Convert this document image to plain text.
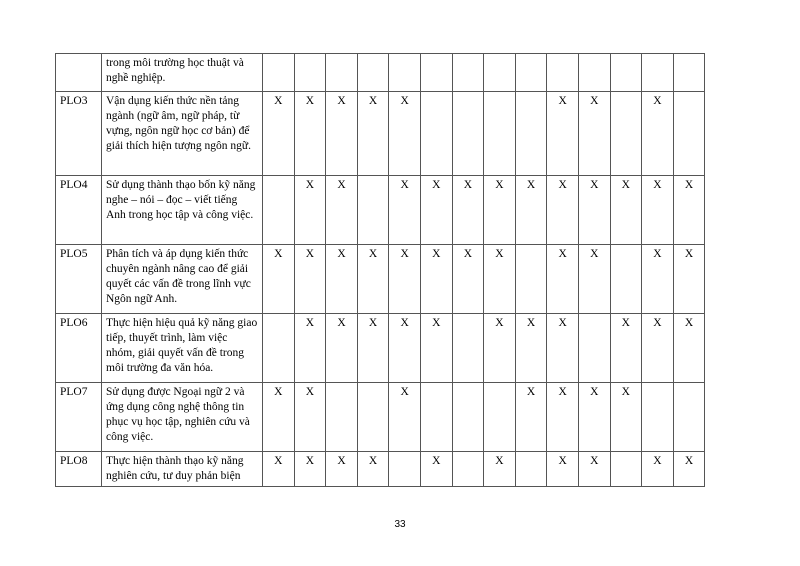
	trong môi trường học thuật và nghề nghiệp.														
PLO3	Vận dụng kiến thức nền tảng ngành (ngữ âm, ngữ pháp, từ vựng, ngôn ngữ học cơ bản) để giải thích hiện tượng ngôn ngữ.	X	X	X	X	X					X	X		X	
PLO4	Sử dụng thành thạo bốn kỹ năng nghe – nói – đọc – viết tiếng Anh trong học tập và công việc.		X	X		X	X	X	X	X	X	X	X	X	X
PLO5	Phân tích và áp dụng kiến thức chuyên ngành nâng cao để giải quyết các vấn đề trong lĩnh vực Ngôn ngữ Anh.	X	X	X	X	X	X	X	X		X	X		X	X
PLO6	Thực hiện hiệu quả kỹ năng giao tiếp, thuyết trình, làm việc nhóm, giải quyết vấn đề trong môi trường đa văn hóa.		X	X	X	X	X		X	X	X		X	X	X
PLO7	Sử dụng được Ngoại ngữ 2 và ứng dụng công nghệ thông tin phục vụ học tập, nghiên cứu và công việc.	X	X			X				X	X	X	X		
PLO8	Thực hiện thành thạo kỹ năng nghiên cứu, tư duy phản biện	X	X	X	X		X		X		X	X		X	X
33
